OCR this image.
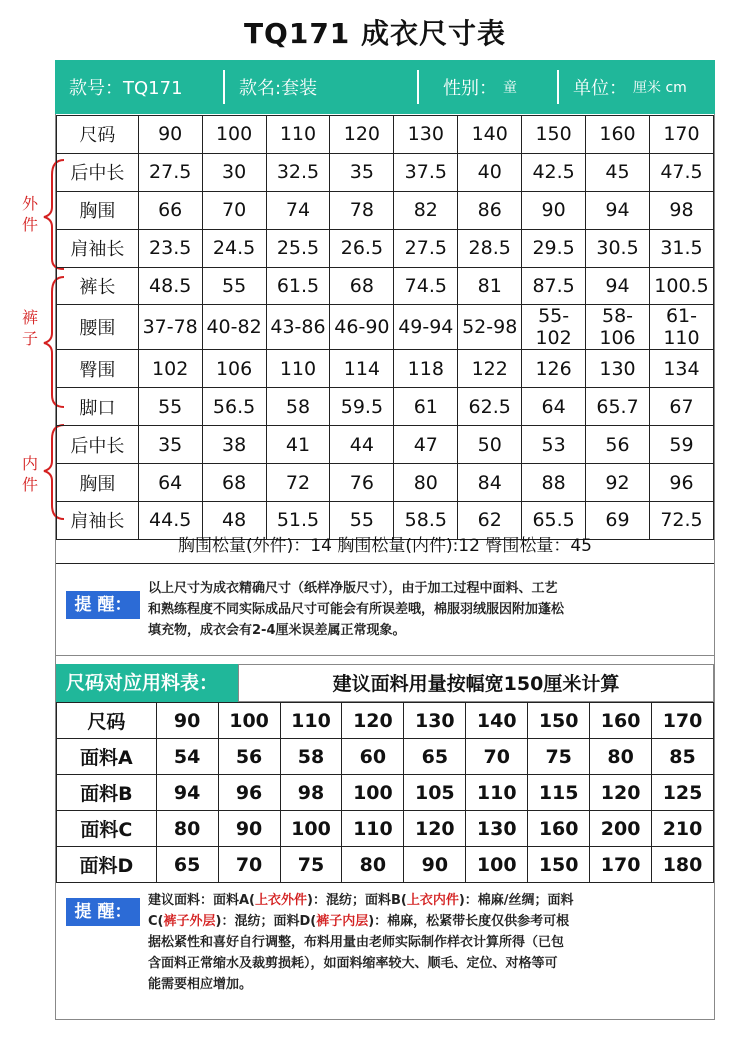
TQ171 成衣尺寸表
款号：TQ171	款名:套装	性别： 童	单位： 厘米 cm
外件
裤子
内件
尺码	90	100	110	120	130	140	150	160	170
后中长	27.5	30	32.5	35	37.5	40	42.5	45	47.5
胸围	66	70	74	78	82	86	90	94	98
肩袖长	23.5	24.5	25.5	26.5	27.5	28.5	29.5	30.5	31.5
裤长	48.5	55	61.5	68	74.5	81	87.5	94	100.5
腰围	37-78	40-82	43-86	46-90	49-94	52-98	55-102	58-106	61-110
臀围	102	106	110	114	118	122	126	130	134
脚口	55	56.5	58	59.5	61	62.5	64	65.7	67
后中长	35	38	41	44	47	50	53	56	59
胸围	64	68	72	76	80	84	88	92	96
肩袖长	44.5	48	51.5	55	58.5	62	65.5	69	72.5
胸围松量(外件)：14 胸围松量(内件):12 臀围松量：45
提 醒：
以上尺寸为成衣精确尺寸（纸样净版尺寸），由于加工过程中面料、工艺
和熟练程度不同实际成品尺寸可能会有所误差哦，棉服羽绒服因附加蓬松
填充物，成衣会有2-4厘米误差属正常现象。
尺码对应用料表：	建议面料用量按幅宽150厘米计算
尺码	90	100	110	120	130	140	150	160	170
面料A	54	56	58	60	65	70	75	80	85
面料B	94	96	98	100	105	110	115	120	125
面料C	80	90	100	110	120	130	160	200	210
面料D	65	70	75	80	90	100	150	170	180
提 醒：
建议面料：面料A(上衣外件)：混纺；面料B(上衣内件)：棉麻/丝绸；面料
C(裤子外层)：混纺；面料D(裤子内层)：棉麻，松紧带长度仅供参考可根
据松紧性和喜好自行调整，布料用量由老师实际制作样衣计算所得（已包
含面料正常缩水及裁剪损耗），如面料缩率较大、顺毛、定位、对格等可
能需要相应增加。
